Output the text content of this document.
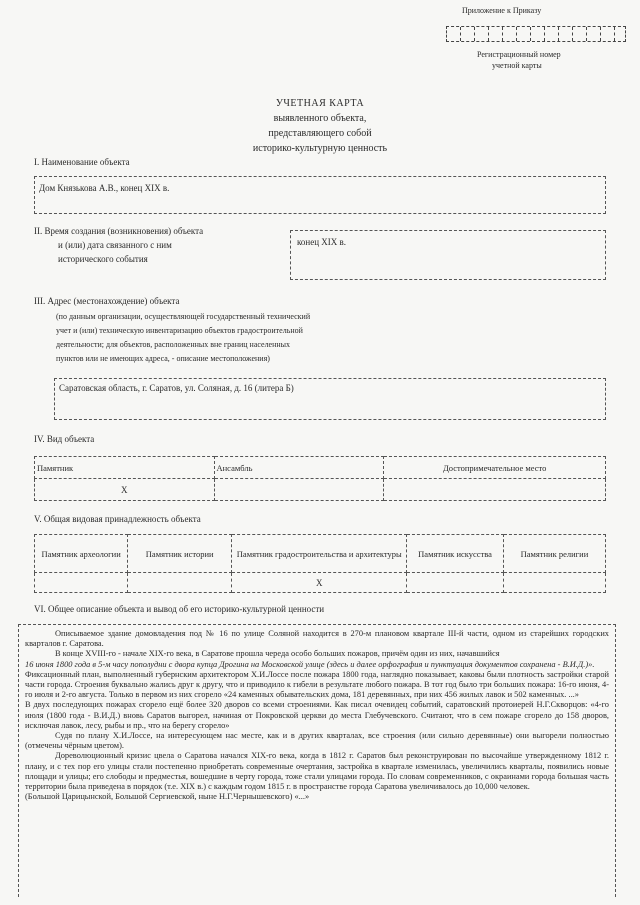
Приложение к Приказу
Регистрационный номер
учетной карты
УЧЕТНАЯ КАРТА
выявленного объекта,
представляющего собой
историко-культурную ценность
I. Наименование объекта
Дом Князькова А.В., конец XIX в.
II. Время создания (возникновения) объекта
и (или) дата связанного с ним
исторического события
конец XIX в.
III. Адрес (местонахождение) объекта
(по данным организации, осуществляющей государственный технический
учет и (или) техническую инвентаризацию объектов градостроительной
деятельности; для объектов, расположенных вне границ населенных
пунктов или не имеющих адреса, - описание местоположения)
Саратовская область, г. Саратов, ул. Соляная, д. 16 (литера Б)
IV. Вид объекта
Памятник	Ансамбль	Достопримечательное место
X		
V. Общая видовая принадлежность объекта
Памятник археологии	Памятник истории	Памятник градостроительства и архитектуры	Памятник искусства	Памятник религии
		X		
VI. Общее описание объекта и вывод об его историко-культурной ценности

Описываемое здание домовладения под № 16 по улице Соляной находится в 270-м плановом квартале III-й части, одном из старейших городских кварталов г. Саратова.

В конце XVIII-го - начале XIX-го века, в Саратове прошла череда особо больших пожаров, причём один из них, начавшийся

16 июня 1800 года в 5-м часу пополудни с двора купца Дрогина на Московской улице (здесь и далее орфография и пунктуация документов сохранена - В.И.Д.)».

Фиксационный план, выполненный губернским архитектором Х.И.Лоссе после пожара 1800 года, наглядно показывает, каковы были плотность застройки старой части города. Строения буквально жались друг к другу, что и приводило к гибели в результате любого пожара. В тот год было три больших пожара: 16-го июня, 4-го июля и 2-го августа. Только в первом из них сгорело «24 каменных обывательских дома, 181 деревянных, при них 456 жилых лавок и 502 каменных. ...»

В двух последующих пожарах сгорело ещё более 320 дворов со всеми строениями. Как писал очевидец событий, саратовский протоиерей Н.Г.Скворцов: «4-го июля (1800 года - В.И.Д.) вновь Саратов выгорел, начиная от Покровской церкви до места Глебучевского. Считают, что в сем пожаре сгорело до 158 дворов, исключая лавок, лесу, рыбы и пр., что на берегу сгорело»

Судя по плану Х.И.Лоссе, на интересующем нас месте, как и в других кварталах, все строения (или сильно деревянные) они выгорели полностью (отмечены чёрным цветом).

Дореволюционный кризис цвела о Саратова начался XIX-го века, когда в 1812 г. Саратов был реконструирован по высочайше утвержденному 1812 г. плану, и с тех пор его улицы стали постепенно приобретать современные очертания, застройка в квартале изменилась, увеличились кварталы, появились новые площади и улицы; его слободы и предместья, вошедшие в черту города, тоже стали улицами города. По словам современников, с окраинами города большая часть территории была приведена в порядок (т.е. XIX в.) с каждым годом 1815 г. в пространстве города Саратова увеличивалось до 10,000 человек.

(Большой Царицынской, Большой Сергиевской, ныне Н.Г.Чернышевского) «...»
